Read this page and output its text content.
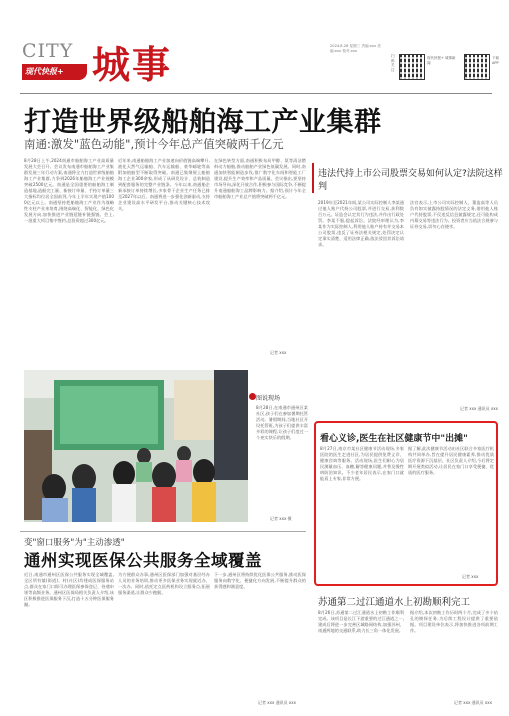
CITY
现代快报+ 城事	2024.8.28 星期三 责编:xxx 美编:xxx 校对:xxx
扫码关注
现代快报+ 城事新闻
下载APP
打造世界级船舶海工产业集群
南通:激发"蓝色动能",预计今年总产值突破两千亿元
8月28日上午,2024南通市船舶海工产业高质量发展大会召开。会议发布南通市船舶海工产业集群发展三年行动方案,南通将全力打造世界级船舶海工产业集群,力争到2026年船舶海工产业规模突破2500亿元。南通是全国重要的船舶海工制造基地,造船完工量、新接订单量、手持订单量三大指标均位居全国前列,今年上半年实现产值1000亿元以上。南通坚持把船舶海工产业作为战略性支柱产业来培育,围绕高端化、智能化、绿色化发展方向,加快推进产业链延链补链强链。会上,一批重大项目集中签约,总投资超过300亿元。
近年来,南通船舶海工产业加速向价值链高端攀升,液化天然气运输船、汽车运输船、豪华邮轮等高附加值船型不断取得突破。南通已集聚规上船舶海工企业300余家,形成了从研发设计、总装制造到配套服务的完整产业链条。今年以来,南通船企新承接订单持续增长,多家骨干企业生产任务已排至2027年以后。南通将进一步强化创新驱动,支持企业建设高水平研发平台,推动关键核心技术攻关。
在绿色转型方面,南通积极布局甲醇、氨等清洁燃料动力船舶,推动船舶产业绿色低碳发展。同时,南通加快智能制造步伐,推广数字化车间和智能工厂建设,提升生产效率和产品质量。会议指出,要坚持市场导向,深化开放合作,积极参与国际竞争,不断提升南通船舶海工品牌影响力。据介绍,预计今年全市船舶海工产业总产值将突破两千亿元。
记者 xxx
违法代持上市公司股票交易如何认定?法院这样判
2019年至2021年间,某公司实际控制人李某通过他人账户代持公司股票,并进行交易,获利数百万元。证监会认定其行为违法,并作出行政处罚。李某不服,提起诉讼。法院经审理认为,李某作为实际控制人,利用他人账户持有并交易本公司股票,违反了证券法相关规定,处罚决定认定事实清楚、适用法律正确,依法驳回其诉讼请求。
法官表示,上市公司实际控制人、董监高等人员负有如实披露持股情况的法定义务,借用他人账户代持股票,不仅违反信息披露规定,还可能构成内幕交易等违法行为。投资者应当依法合规参与证券交易,切勿心存侥幸。
记者 xxx 通讯员 xxx
图说现场
8月28日,在南通市通州区某社区,孩子们在参加暑期托管活动。暑假期间,当地社区开设托管班,为孩子们提供丰富多彩的课程,让孩子们度过一个充实快乐的假期。
记者 xxx 摄
看心义诊,医生在社区健康节中"出摊"
8月27日,南京市某社区健康节活动现场,多家医院的医生走进社区,为居民提供免费义诊、健康咨询等服务。活动现场,医生们耐心为居民测量血压、血糖,解答健康问题,并普及慢性病防治知识。不少老年居民表示,在家门口就能看上专家,非常方便。
据了解,此次健康节活动由社区联合多家医疗机构共同举办,旨在提升居民健康素养,推动优质医疗资源下沉基层。社区负责人介绍,今后将定期开展类似活动,让居民在家门口享受便捷、优质的医疗服务。
记者 xxx
变"窗口服务"为"主动渗透"
通州实现医保公共服务全域覆盖
近日,南通市通州区医保公共服务实现全域覆盖,全区所有镇(街道)、村(社区)均建成医保服务站点,群众在家门口即可办理医保参保登记、待遇申领等高频业务。通州区医保局相关负责人介绍,该区积极推进医保服务下沉,打造十五分钟医保服务圈。
为方便群众办事,通州区医保部门加强对基层经办人员的业务培训,推动更多医保业务实现就近办、一次办。同时,依托定点医药机构设立服务点,拓展服务渠道,让群众少跑腿。
下一步,通州区将持续优化医保公共服务,推动医保服务向数字化、便捷化方向发展,不断提升群众的获得感和满意度。
记者 xxx 通讯员 xxx
苏通第二过江通道水上初勘顺利完工
8月26日,苏通第二过江通道水上初勘工作顺利完成。该项目是长江下游重要的过江通道之一,建成后将进一步完善区域路网结构,加强苏州、南通两地的交通联系,助力长三角一体化发展。
据介绍,本次初勘工作历时两个月,完成了多个钻孔的勘探任务,为后续工程设计提供了重要依据。项目建设单位表示,将加快推进各项前期工作。
记者 xxx 通讯员 xxx
